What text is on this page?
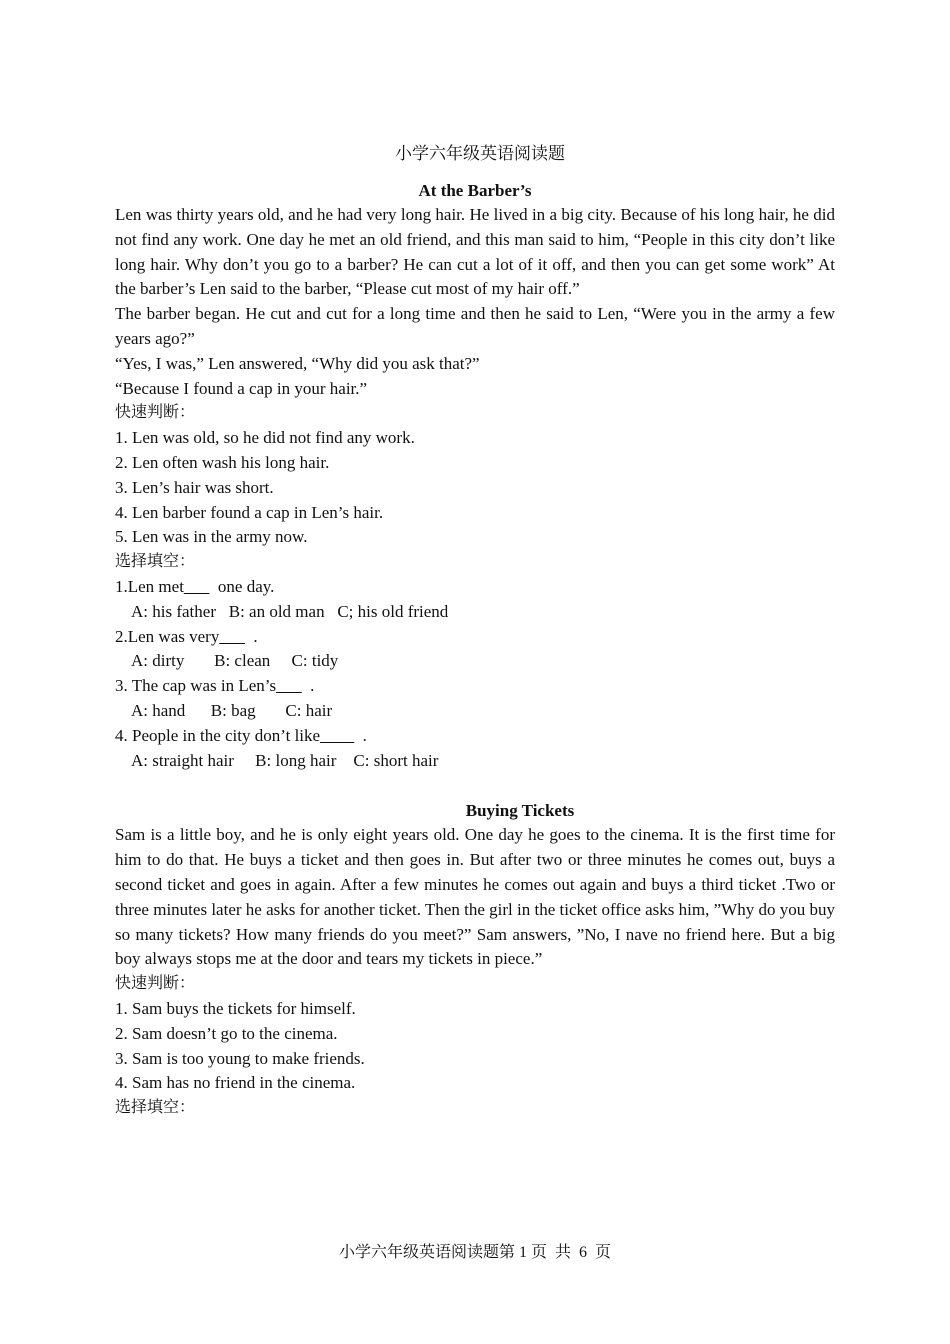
小学六年级英语阅读题

At the Barber’s

Len was thirty years old, and he had very long hair. He lived in a big city. Because of his long hair, he did not find any work. One day he met an old friend, and this man said to him, “People in this city don’t like long hair. Why don’t you go to a barber? He can cut a lot of it off, and then you can get some work” At the barber’s Len said to the barber, “Please cut most of my hair off.”

The barber began. He cut and cut for a long time and then he said to Len, “Were you in the army a few years ago?”

“Yes, I was,” Len answered, “Why did you ask that?”

“Because I found a cap in your hair.”

快速判断：

1. Len was old, so he did not find any work.

2. Len often wash his long hair.

3. Len’s hair was short.

4. Len barber found a cap in Len’s hair.

5. Len was in the army now.

选择填空：

1.Len met___  one day.

A: his father   B: an old man   C; his old friend

2.Len was very___  .

A: dirty       B: clean     C: tidy

3. The cap was in Len’s___  .

A: hand      B: bag       C: hair

4. People in the city don’t like____  .

A: straight hair     B: long hair    C: short hair

Buying Tickets

Sam is a little boy, and he is only eight years old. One day he goes to the cinema. It is the first time for him to do that. He buys a ticket and then goes in. But after two or three minutes he comes out, buys a second ticket and goes in again. After a few minutes he comes out again and buys a third ticket .Two or three minutes later he asks for another ticket. Then the girl in the ticket office asks him, ”Why do you buy so many tickets? How many friends do you meet?” Sam answers, ”No, I nave no friend here. But a big boy always stops me at the door and tears my tickets in piece.”

快速判断：

1. Sam buys the tickets for himself.

2. Sam doesn’t go to the cinema.

3. Sam is too young to make friends.

4. Sam has no friend in the cinema.

选择填空：

小学六年级英语阅读题第 1 页 共 6 页
